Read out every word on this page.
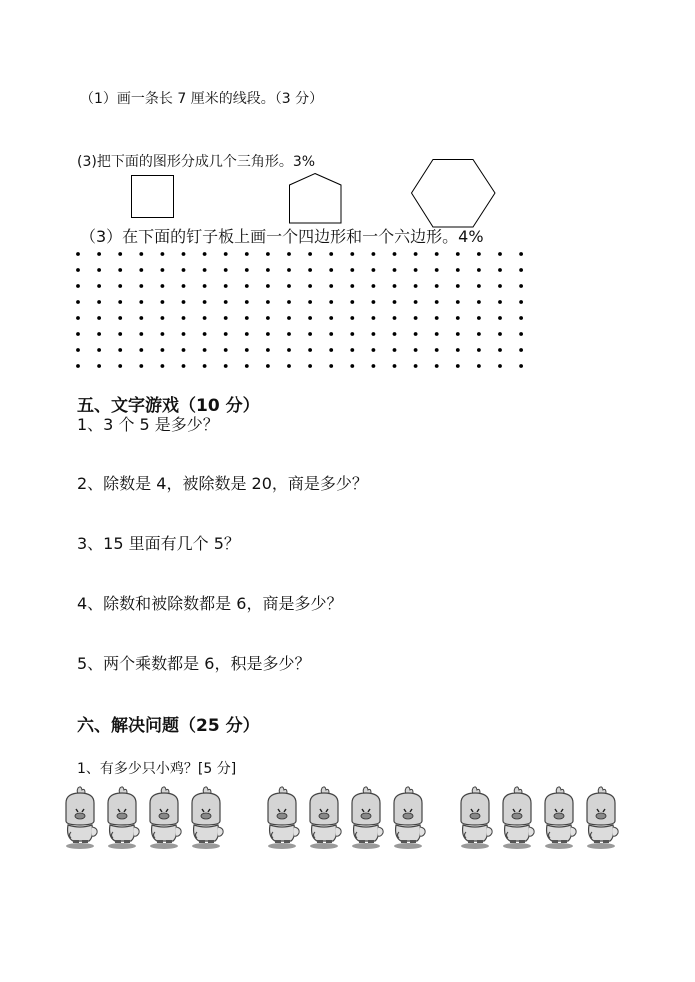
（1）画一条长 7 厘米的线段。（3 分）
(3)把下面的图形分成几个三角形。3%
（3）在下面的钉子板上画一个四边形和一个六边形。4%
五、文字游戏（10 分）
1、3 个 5 是多少？
2、除数是 4，被除数是 20，商是多少？
3、15 里面有几个 5？
4、除数和被除数都是 6，商是多少？
5、两个乘数都是 6，积是多少？
六、解决问题（25 分）
1、有多少只小鸡？[5 分]
